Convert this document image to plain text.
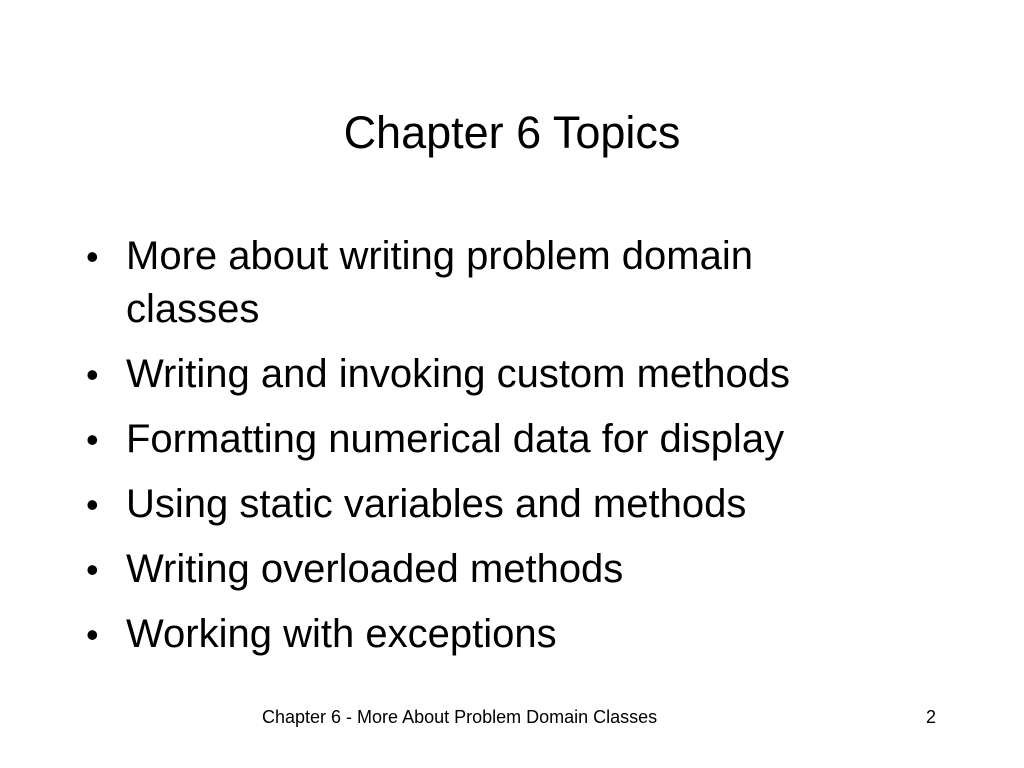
Chapter 6 Topics
• More about writing problem domain classes
• Writing and invoking custom methods
• Formatting numerical data for display
• Using static variables and methods
• Writing overloaded methods
• Working with exceptions
Chapter 6 - More About Problem Domain Classes	2
